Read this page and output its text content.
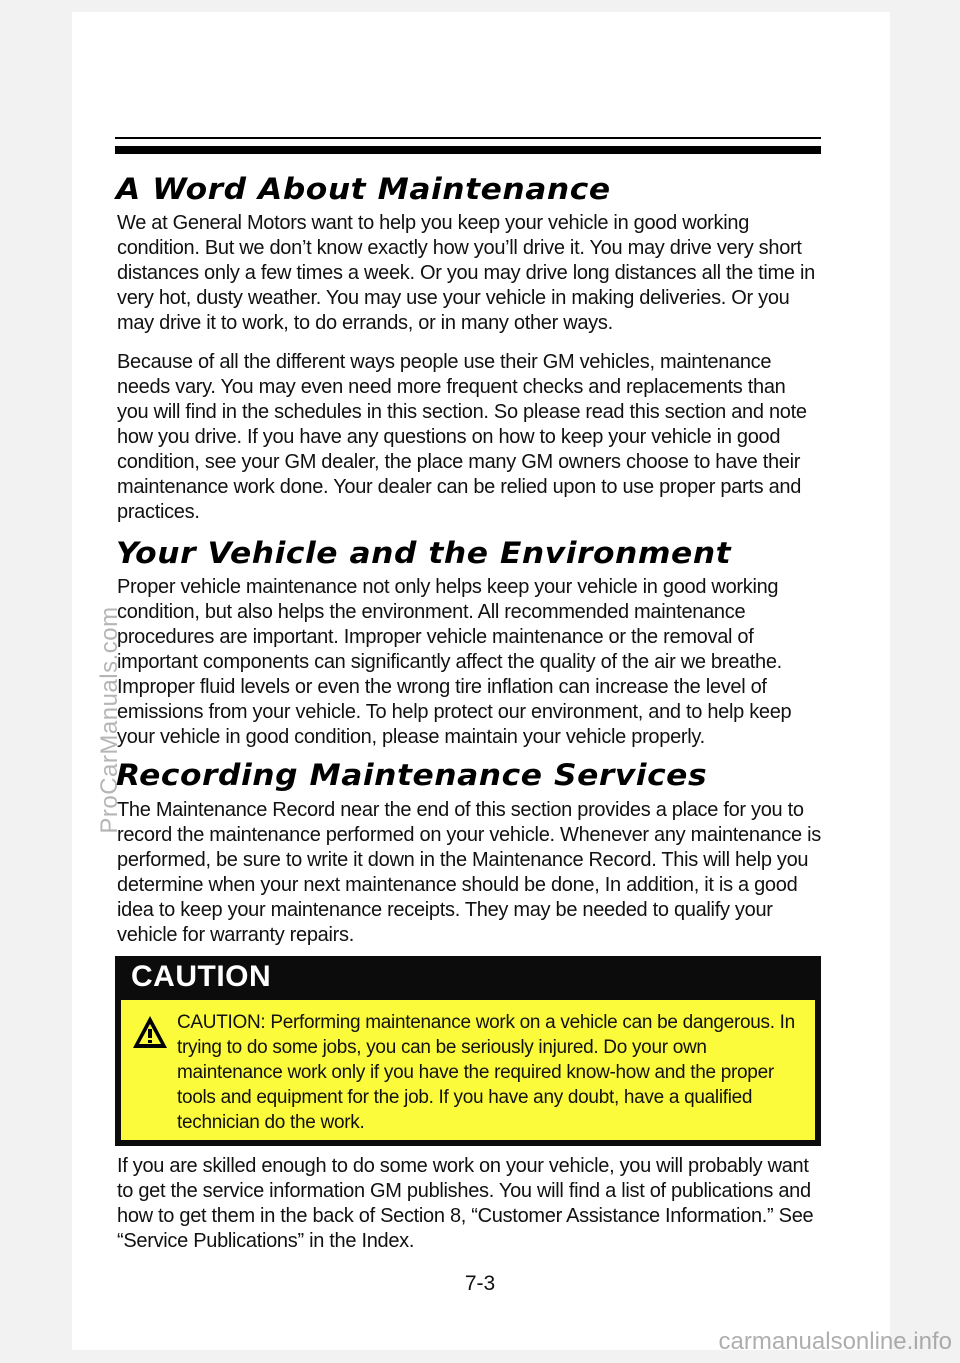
A Word About Maintenance

We at General Motors want to help you keep your vehicle in good working condition. But we don’t know exactly how you’ll drive it. You may drive very short distances only a few times a week. Or you may drive long distances all the time in very hot, dusty weather. You may use your vehicle in making deliveries. Or you may drive it to work, to do errands, or in many other ways.

Because of all the different ways people use their GM vehicles, maintenance needs vary. You may even need more frequent checks and replacements than you will find in the schedules in this section. So please read this section and note how you drive. If you have any questions on how to keep your vehicle in good condition, see your GM dealer, the place many GM owners choose to have their maintenance work done. Your dealer can be relied upon to use proper parts and practices.

Your Vehicle and the Environment

Proper vehicle maintenance not only helps keep your vehicle in good working condition, but also helps the environment. All recommended maintenance procedures are important. Improper vehicle maintenance or the removal of important components can significantly affect the quality of the air we breathe. Improper fluid levels or even the wrong tire inflation can increase the level of emissions from your vehicle. To help protect our environment, and to help keep your vehicle in good condition, please maintain your vehicle properly.

Recording Maintenance Services

The Maintenance Record near the end of this section provides a place for you to record the maintenance performed on your vehicle. Whenever any maintenance is performed, be sure to write it down in the Maintenance Record. This will help you determine when your next maintenance should be done, In addition, it is a good idea to keep your maintenance receipts. They may be needed to qualify your vehicle for warranty repairs.

CAUTION

CAUTION: Performing maintenance work on a vehicle can be dangerous. In trying to do some jobs, you can be seriously injured. Do your own maintenance work only if you have the required know-how and the proper tools and equipment for the job. If you have any doubt, have a qualified technician do the work.

If you are skilled enough to do some work on your vehicle, you will probably want to get the service information GM publishes. You will find a list of publications and how to get them in the back of Section 8, “Customer Assistance Information.” See “Service Publications” in the Index.

7-3
ProCarManuals.com
carmanualsonline.info
